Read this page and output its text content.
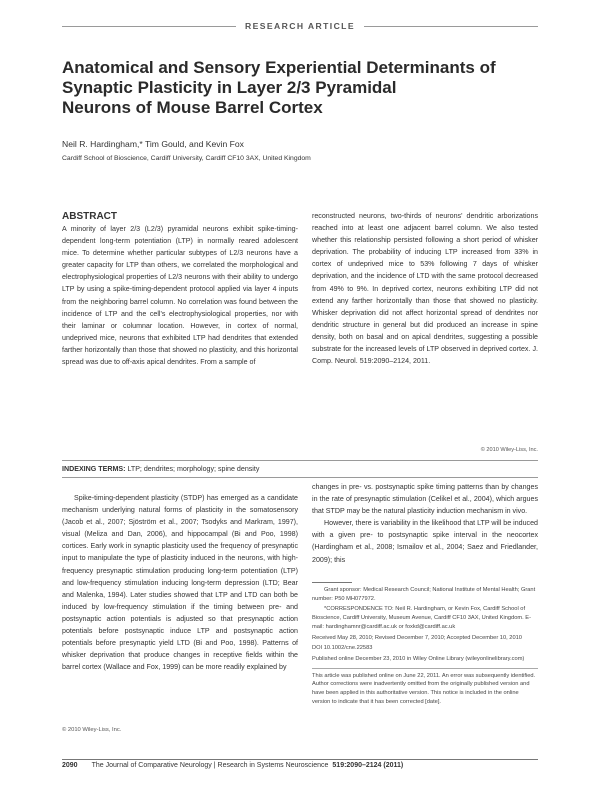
RESEARCH ARTICLE
Anatomical and Sensory Experiential Determinants of
Synaptic Plasticity in Layer 2/3 Pyramidal
Neurons of Mouse Barrel Cortex
Neil R. Hardingham,* Tim Gould, and Kevin Fox
Cardiff School of Bioscience, Cardiff University, Cardiff CF10 3AX, United Kingdom
ABSTRACT
A minority of layer 2/3 (L2/3) pyramidal neurons exhibit spike-timing-dependent long-term potentiation (LTP) in normally reared adolescent mice. To determine whether particular subtypes of L2/3 neurons have a greater capacity for LTP than others, we correlated the morphological and electrophysiological properties of L2/3 neurons with their ability to undergo LTP by using a spike-timing-dependent protocol applied via layer 4 inputs from the neighboring barrel column. No correlation was found between the incidence of LTP and the cell's electrophysiological properties, nor with their laminar or columnar location. However, in cortex of normal, undeprived mice, neurons that exhibited LTP had dendrites that extended farther horizontally than those that showed no plasticity, and this horizontal spread was due to off-axis apical dendrites. From a sample of
reconstructed neurons, two-thirds of neurons' dendritic arborizations reached into at least one adjacent barrel column. We also tested whether this relationship persisted following a short period of whisker deprivation. The probability of inducing LTP increased from 33% in cortex of undeprived mice to 53% following 7 days of whisker deprivation, and the incidence of LTD with the same protocol decreased from 49% to 9%. In deprived cortex, neurons exhibiting LTP did not extend any farther horizontally than those that showed no plasticity. Whisker deprivation did not affect horizontal spread of dendrites nor dendritic structure in general but did produced an increase in spine density, both on basal and on apical dendrites, suggesting a possible substrate for the increased levels of LTP observed in deprived cortex. J. Comp. Neurol. 519:2090–2124, 2011.
© 2010 Wiley-Liss, Inc.
INDEXING TERMS: LTP; dendrites; morphology; spine density
Spike-timing-dependent plasticity (STDP) has emerged as a candidate mechanism underlying natural forms of plasticity in the somatosensory (Jacob et al., 2007; Sjöström et al., 2007; Tsodyks and Markram, 1997), visual (Meliza and Dan, 2006), and hippocampal (Bi and Poo, 1998) cortices. Early work in synaptic plasticity used the frequency of presynaptic input to manipulate the type of plasticity induced in the neurons, with high-frequency presynaptic stimulation producing long-term potentiation (LTP) and low-frequency stimulation inducing long-term depression (LTD; Bear and Malenka, 1994). Later studies showed that LTP and LTD can both be induced by low-frequency stimulation if the timing between pre- and postsynaptic action potentials is adjusted so that presynaptic action potentials before postsynaptic induce LTP and postsynaptic action potentials before presynaptic yield LTD (Bi and Poo, 1998). Patterns of whisker deprivation that produce changes in receptive fields within the barrel cortex (Wallace and Fox, 1999) can be more readily explained by

changes in pre- vs. postsynaptic spike timing patterns than by changes in the rate of presynaptic stimulation (Celikel et al., 2004), which argues that STDP may be the natural plasticity induction mechanism in vivo.

However, there is variability in the likelihood that LTP will be induced with a given pre- to postsynaptic spike interval in the neocortex (Hardingham et al., 2008; Ismailov et al., 2004; Saez and Friedlander, 2009); this

Grant sponsor: Medical Research Council; National Institute of Mental Health; Grant number: P50 MH077972.

*CORRESPONDENCE TO: Neil R. Hardingham, or Kevin Fox, Cardiff School of Bioscience, Cardiff University, Museum Avenue, Cardiff CF10 3AX, United Kingdom. E-mail: hardinghamnr@cardiff.ac.uk or foxkd@cardiff.ac.uk

Received May 28, 2010; Revised December 7, 2010; Accepted December 10, 2010

DOI 10.1002/cne.22583

Published online December 23, 2010 in Wiley Online Library (wileyonlinelibrary.com)

This article was published online on June 22, 2011. An error was subsequently identified. Author corrections were inadvertently omitted from the originally published version and have been applied in this authoritative version. This notice is included in the online version to indicate that it has been corrected [date].

© 2010 Wiley-Liss, Inc.
2090 The Journal of Comparative Neurology | Research in Systems Neuroscience 519:2090–2124 (2011)
